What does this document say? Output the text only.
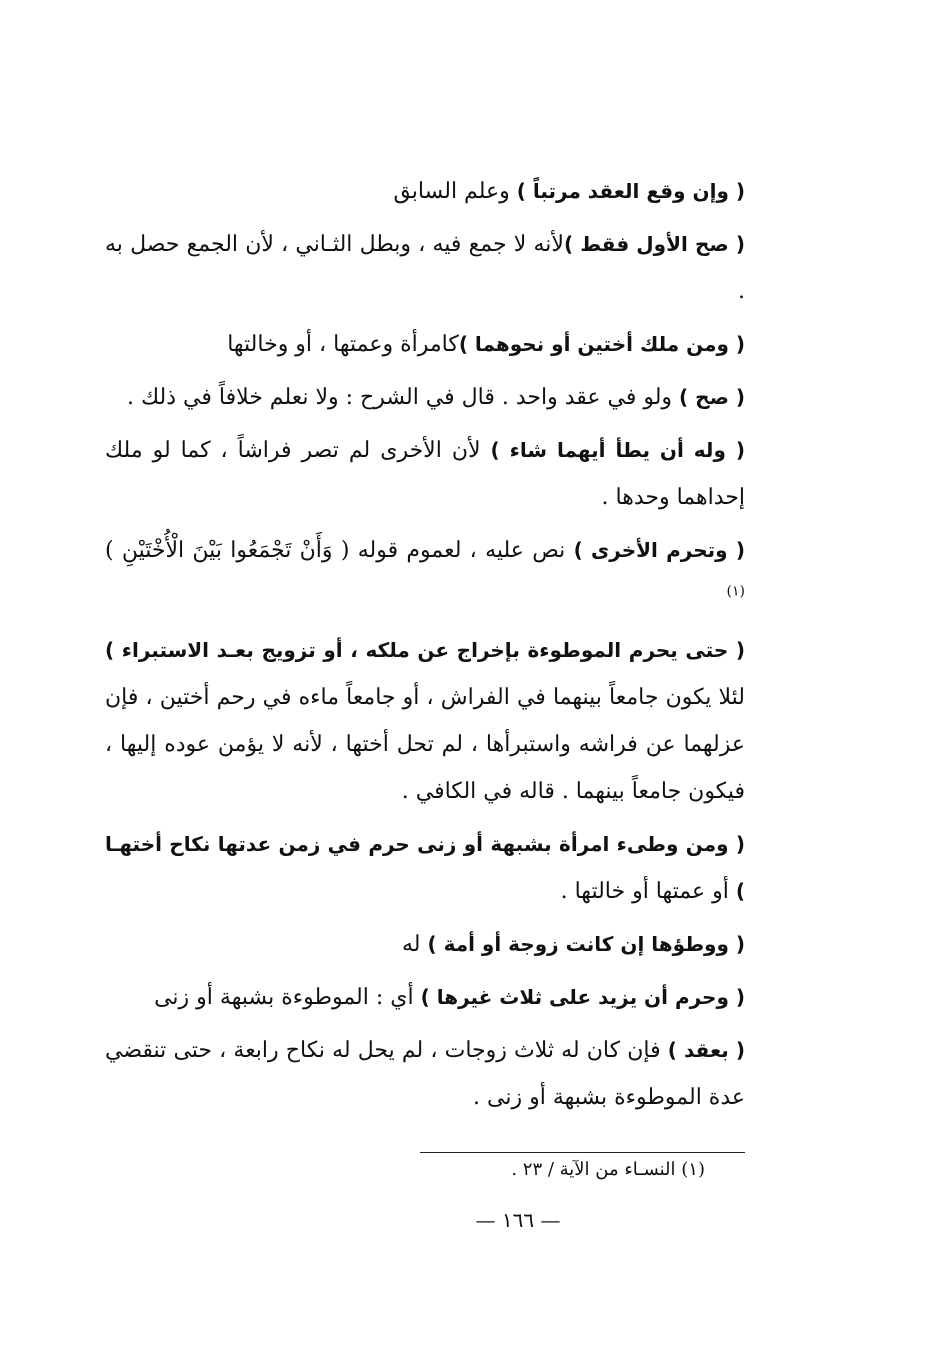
( وإن وقع العقد مرتباً ) وعلم السابق

( صح الأول فقط )لأنه لا جمع فيه ، وبطل الثـاني ، لأن الجمع حصل به .

( ومن ملك أختين أو نحوهما )كامرأة وعمتها ، أو وخالتها

( صح ) ولو في عقد واحد . قال في الشرح : ولا نعلم خلافاً في ذلك .

( وله أن يطأ أيهما شاء ) لأن الأخرى لم تصر فراشاً ، كما لو ملك إحداهما وحدها .

( وتحرم الأخرى ) نص عليه ، لعموم قوله ( وَأَنْ تَجْمَعُوا بَيْنَ الْأُخْتَيْنِ ) $^{(١)}$

( حتى يحرم الموطوءة بإخراج عن ملكه ، أو تزويج بعـد الاستبراء ) لئلا يكون جامعاً بينهما في الفراش ، أو جامعاً ماءه في رحم أختين ، فإن عزلهما عن فراشه واستبرأها ، لم تحل أختها ، لأنه لا يؤمن عوده إليها ، فيكون جامعاً بينهما . قاله في الكافي .

( ومن وطىء امرأة بشبهة أو زنى حرم في زمن عدتها نكاح أختهـا ) أو عمتها أو خالتها .

( ووطؤها إن كانت زوجة أو أمة ) له

( وحرم أن يزيد على ثلاث غيرها ) أي : الموطوءة بشبهة أو زنى

( بعقد ) فإن كان له ثلاث زوجات ، لم يحل له نكاح رابعة ، حتى تنقضي عدة الموطوءة بشبهة أو زنى .

(١) النسـاء من الآية / ٢٣ .
— ١٦٦ —
